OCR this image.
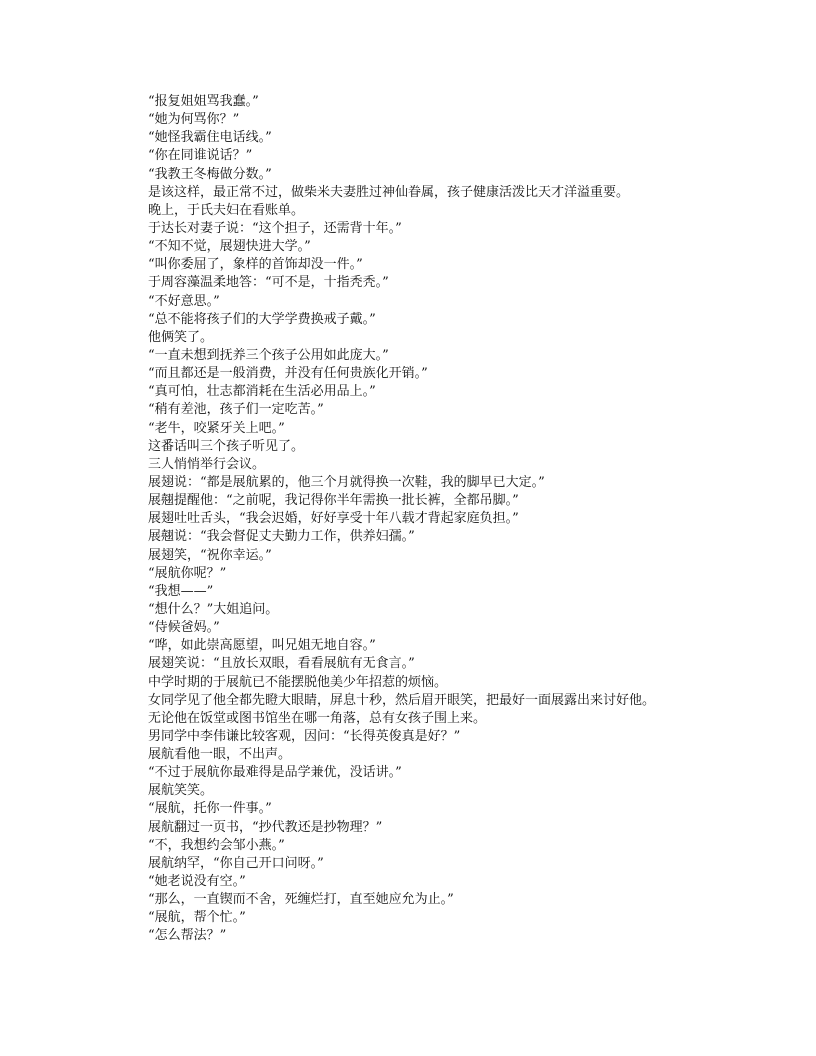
“报复姐姐骂我蠢。”
“她为何骂你？”
“她怪我霸住电话线。”
“你在同谁说话？”
“我教王冬梅做分数。”
是该这样，最正常不过，做柴米夫妻胜过神仙眷属，孩子健康活泼比天才洋溢重要。
晚上，于氏夫妇在看账单。
于达长对妻子说：“这个担子，还需背十年。”
“不知不觉，展翅快进大学。”
“叫你委屈了，象样的首饰却没一件。”
于周容藻温柔地答：“可不是，十指秃秃。”
“不好意思。”
“总不能将孩子们的大学学费换戒子戴。”
他俩笑了。
“一直未想到抚养三个孩子公用如此庞大。”
“而且都还是一般消费，并没有任何贵族化开销。”
“真可怕，壮志都消耗在生活必用品上。”
“稍有差池，孩子们一定吃苦。”
“老牛，咬紧牙关上吧。”
这番话叫三个孩子听见了。
三人悄悄举行会议。
展翅说：“都是展航累的，他三个月就得换一次鞋，我的脚早已大定。”
展翹提醒他：“之前呢，我记得你半年需换一批长裤，全都吊脚。”
展翅吐吐舌头，“我会迟婚，好好享受十年八载才背起家庭负担。”
展翹说：“我会督促丈夫勤力工作，供养妇孺。”
展翅笑，“祝你幸运。”
“展航你呢？”
“我想——”
“想什么？”大姐追问。
“侍候爸妈。”
“哗，如此崇高愿望，叫兄姐无地自容。”
展翅笑说：“且放长双眼，看看展航有无食言。”
中学时期的于展航已不能摆脱他美少年招惹的烦恼。
女同学见了他全都先瞪大眼睛，屏息十秒，然后眉开眼笑，把最好一面展露出来讨好他。
无论他在饭堂或图书馆坐在哪一角落，总有女孩子围上来。
男同学中李伟谦比较客观，因问：“长得英俊真是好？”
展航看他一眼，不出声。
“不过于展航你最难得是品学兼优，没话讲。”
展航笑笑。
“展航，托你一件事。”
展航翻过一页书，“抄代教还是抄物理？”
“不，我想约会邹小燕。”
展航纳罕，“你自己开口问呀。”
“她老说没有空。”
“那么，一直锲而不舍，死缠烂打，直至她应允为止。”
“展航，帮个忙。”
“怎么帮法？”
